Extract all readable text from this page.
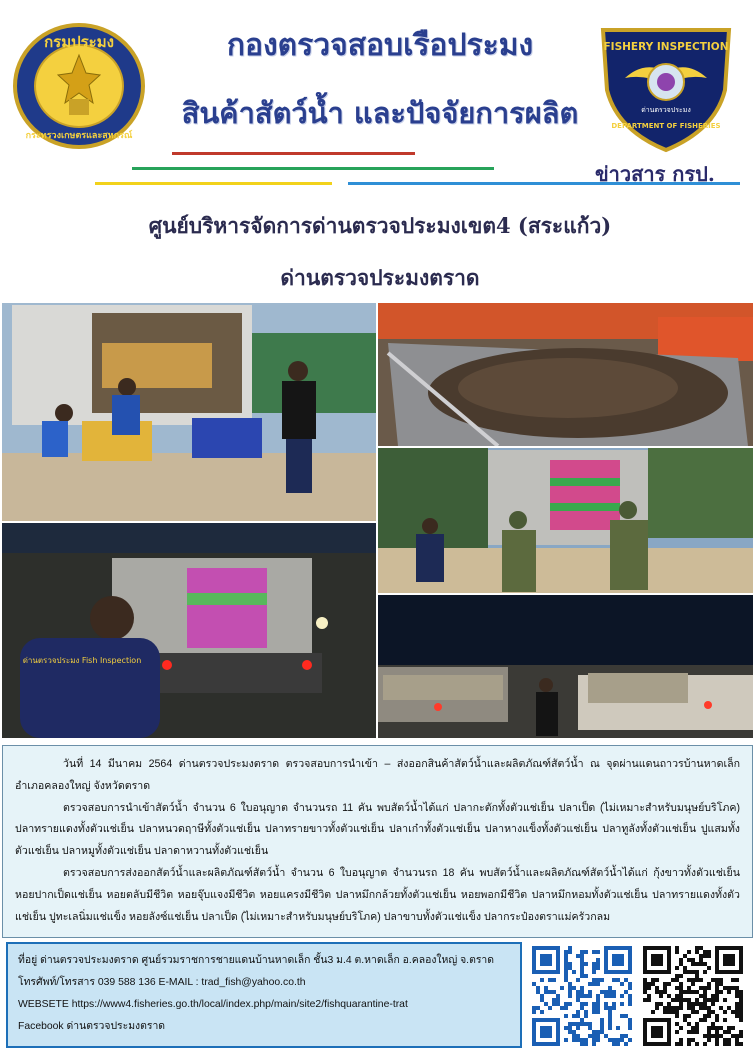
กรมประมง
กระทรวงเกษตรและสหกรณ์
กองตรวจสอบเรือประมง
สินค้าสัตว์น้ำ และปัจจัยการผลิต
FISHERY INSPECTION
ด่านตรวจประมง
DEPARTMENT OF FISHERIES
ข่าวสาร กรป.
ศูนย์บริหารจัดการด่านตรวจประมงเขต4 (สระแก้ว)
ด่านตรวจประมงตราด
ด่านตรวจประมง Fish Inspection

วันที่ 14 มีนาคม 2564 ด่านตรวจประมงตราด ตรวจสอบการนำเข้า – ส่งออกสินค้าสัตว์น้ำและผลิตภัณฑ์สัตว์น้ำ ณ จุดผ่านแดนถาวรบ้านหาดเล็ก อำเภอคลองใหญ่ จังหวัดตราด

ตรวจสอบการนำเข้าสัตว์น้ำ จำนวน 6 ใบอนุญาต จำนวนรถ 11 คัน พบสัตว์น้ำได้แก่ ปลากะตักทั้งตัวแช่เย็น ปลาเป็ด (ไม่เหมาะสำหรับมนุษย์บริโภค) ปลาทรายแดงทั้งตัวแช่เย็น ปลาหนวดฤาษีทั้งตัวแช่เย็น ปลาทรายขาวทั้งตัวแช่เย็น ปลาเก๋าทั้งตัวแช่เย็น ปลาหางแข็งทั้งตัวแช่เย็น ปลาทูลังทั้งตัวแช่เย็น ปูแสมทั้งตัวแช่เย็น ปลาหมูทั้งตัวแช่เย็น ปลาดาหวานทั้งตัวแช่เย็น

ตรวจสอบการส่งออกสัตว์น้ำและผลิตภัณฑ์สัตว์น้ำ จำนวน 6 ใบอนุญาต จำนวนรถ 18 คัน พบสัตว์น้ำและผลิตภัณฑ์สัตว์น้ำได้แก่ กุ้งขาวทั้งตัวแช่เย็น หอยปากเป็ดแช่เย็น หอยตลับมีชีวิต หอยจุ๊บแจงมีชีวิต หอยแครงมีชีวิต ปลาหมึกกล้วยทั้งตัวแช่เย็น หอยพอกมีชีวิต ปลาหมึกหอมทั้งตัวแช่เย็น ปลาทรายแดงทั้งตัวแช่เย็น ปูทะเลนิ่มแช่แข็ง หอยลังซ์แช่เย็น ปลาเป็ด (ไม่เหมาะสำหรับมนุษย์บริโภค) ปลาขาบทั้งตัวแช่แข็ง ปลากระป๋องตราแม่ครัวกลม

ที่อยู่ ด่านตรวจประมงตราด ศูนย์รวมราชการชายแดนบ้านหาดเล็ก ชั้น3 ม.4 ต.หาดเล็ก อ.คลองใหญ่ จ.ตราด
โทรศัพท์/โทรสาร 039 588 136 E-MAIL : trad_fish@yahoo.co.th
WEBSETE https://www4.fisheries.go.th/local/index.php/main/site2/fishquarantine-trat
Facebook ด่านตรวจประมงตราด
